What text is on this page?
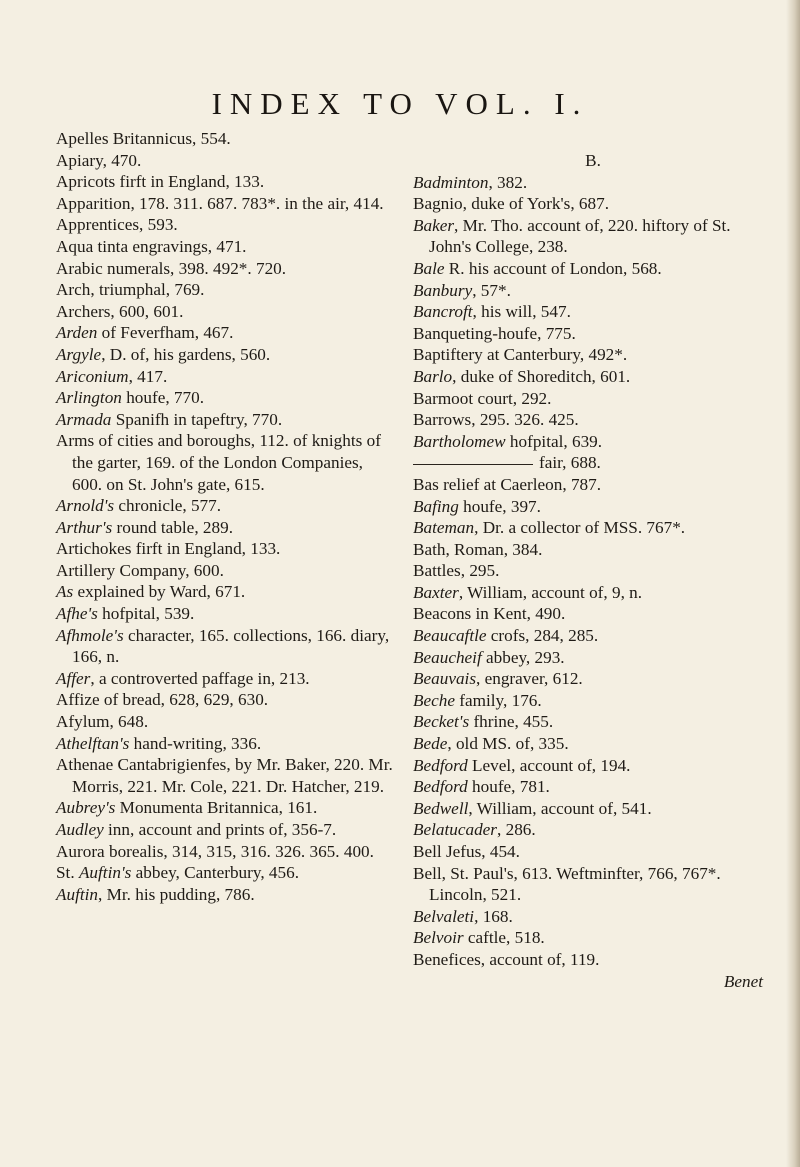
INDEX TO VOL. I.
Apelles Britannicus, 554.
Apiary, 470.
Apricots firft in England, 133.
Apparition, 178. 311. 687. 783*. in the air, 414.
Apprentices, 593.
Aqua tinta engravings, 471.
Arabic numerals, 398. 492*. 720.
Arch, triumphal, 769.
Archers, 600, 601.
Arden of Feverfham, 467.
Argyle, D. of, his gardens, 560.
Ariconium, 417.
Arlington houfe, 770.
Armada Spanifh in tapeftry, 770.
Arms of cities and boroughs, 112. of knights of the garter, 169. of the London Companies, 600. on St. John's gate, 615.
Arnold's chronicle, 577.
Arthur's round table, 289.
Artichokes firft in England, 133.
Artillery Company, 600.
As explained by Ward, 671.
Afhe's hofpital, 539.
Afhmole's character, 165. collections, 166. diary, 166, n.
Affer, a controverted paffage in, 213.
Affize of bread, 628, 629, 630.
Afylum, 648.
Athelftan's hand-writing, 336.
Athenae Cantabrigienfes, by Mr. Baker, 220. Mr. Morris, 221. Mr. Cole, 221. Dr. Hatcher, 219.
Aubrey's Monumenta Britannica, 161.
Audley inn, account and prints of, 356-7.
Aurora borealis, 314, 315, 316. 326. 365. 400.
St. Auftin's abbey, Canterbury, 456.
Auftin, Mr. his pudding, 786.
B.
Badminton, 382.
Bagnio, duke of York's, 687.
Baker, Mr. Tho. account of, 220. hiftory of St. John's College, 238.
Bale R. his account of London, 568.
Banbury, 57*.
Bancroft, his will, 547.
Banqueting-houfe, 775.
Baptiftery at Canterbury, 492*.
Barlo, duke of Shoreditch, 601.
Barmoot court, 292.
Barrows, 295. 326. 425.
Bartholomew hofpital, 639.
fair, 688.
Bas relief at Caerleon, 787.
Bafing houfe, 397.
Bateman, Dr. a collector of MSS. 767*.
Bath, Roman, 384.
Battles, 295.
Baxter, William, account of, 9, n.
Beacons in Kent, 490.
Beaucaftle crofs, 284, 285.
Beaucheif abbey, 293.
Beauvais, engraver, 612.
Beche family, 176.
Becket's fhrine, 455.
Bede, old MS. of, 335.
Bedford Level, account of, 194.
Bedford houfe, 781.
Bedwell, William, account of, 541.
Belatucader, 286.
Bell Jefus, 454.
Bell, St. Paul's, 613. Weftminfter, 766, 767*. Lincoln, 521.
Belvaleti, 168.
Belvoir caftle, 518.
Benefices, account of, 119.
Benet
